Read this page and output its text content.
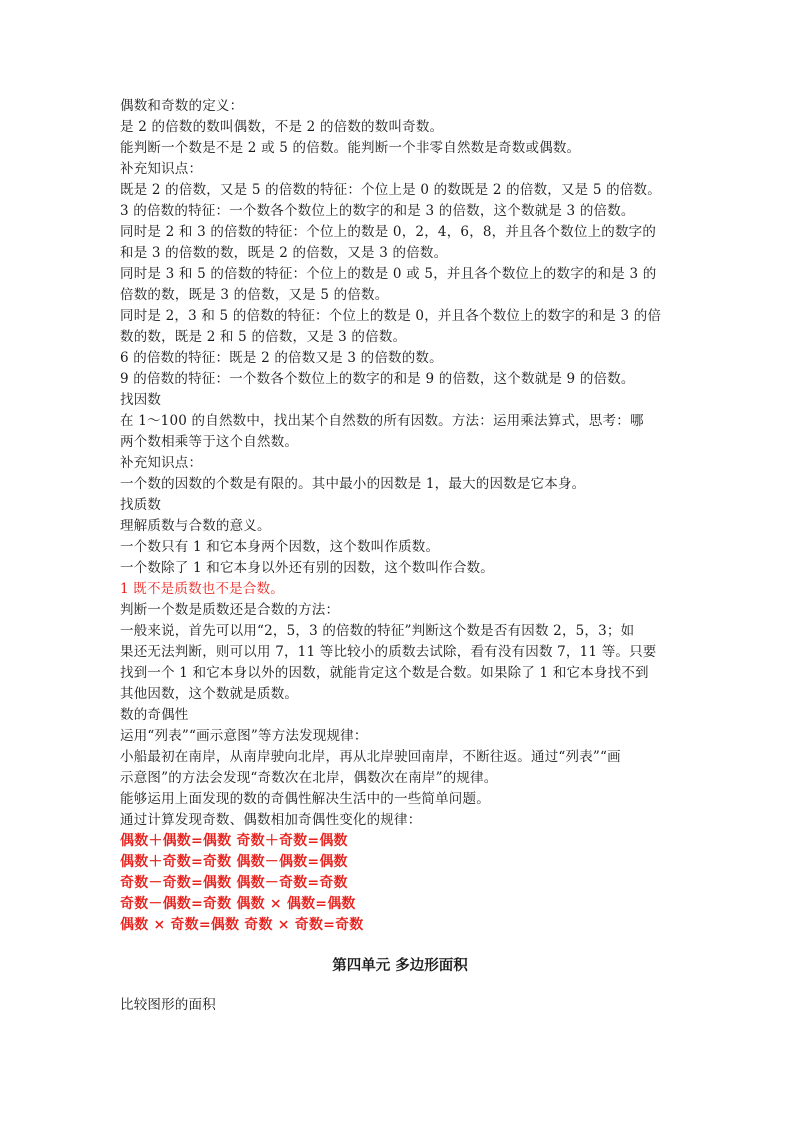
偶数和奇数的定义：
是 2 的倍数的数叫偶数，不是 2 的倍数的数叫奇数。
能判断一个数是不是 2 或 5 的倍数。能判断一个非零自然数是奇数或偶数。
补充知识点：
既是 2 的倍数，又是 5 的倍数的特征：个位上是 0 的数既是 2 的倍数，又是 5 的倍数。
3 的倍数的特征：一个数各个数位上的数字的和是 3 的倍数，这个数就是 3 的倍数。
同时是 2 和 3 的倍数的特征：个位上的数是 0，2，4，6，8，并且各个数位上的数字的
和是 3 的倍数的数，既是 2 的倍数，又是 3 的倍数。
同时是 3 和 5 的倍数的特征：个位上的数是 0 或 5，并且各个数位上的数字的和是 3 的
倍数的数，既是 3 的倍数，又是 5 的倍数。
同时是 2，3 和 5 的倍数的特征：个位上的数是 0，并且各个数位上的数字的和是 3 的倍
数的数，既是 2 和 5 的倍数，又是 3 的倍数。
6 的倍数的特征：既是 2 的倍数又是 3 的倍数的数。
9 的倍数的特征：一个数各个数位上的数字的和是 9 的倍数，这个数就是 9 的倍数。
找因数
在 1～100 的自然数中，找出某个自然数的所有因数。方法：运用乘法算式，思考：哪
两个数相乘等于这个自然数。
补充知识点：
一个数的因数的个数是有限的。其中最小的因数是 1，最大的因数是它本身。
找质数
理解质数与合数的意义。
一个数只有 1 和它本身两个因数，这个数叫作质数。
一个数除了 1 和它本身以外还有别的因数，这个数叫作合数。
1 既不是质数也不是合数。
判断一个数是质数还是合数的方法：
一般来说，首先可以用“2，5，3 的倍数的特征”判断这个数是否有因数 2，5，3；如
果还无法判断，则可以用 7，11 等比较小的质数去试除，看有没有因数 7，11 等。只要
找到一个 1 和它本身以外的因数，就能肯定这个数是合数。如果除了 1 和它本身找不到
其他因数，这个数就是质数。
数的奇偶性
运用“列表”“画示意图”等方法发现规律：
小船最初在南岸，从南岸驶向北岸，再从北岸驶回南岸，不断往返。通过“列表”“画
示意图”的方法会发现“奇数次在北岸，偶数次在南岸”的规律。
能够运用上面发现的数的奇偶性解决生活中的一些简单问题。
通过计算发现奇数、偶数相加奇偶性变化的规律：
偶数＋偶数=偶数 奇数＋奇数=偶数
偶数＋奇数=奇数 偶数－偶数=偶数
奇数－奇数=偶数 偶数－奇数=奇数
奇数－偶数=奇数 偶数 × 偶数=偶数
偶数 × 奇数=偶数 奇数 × 奇数=奇数
第四单元 多边形面积
比较图形的面积
